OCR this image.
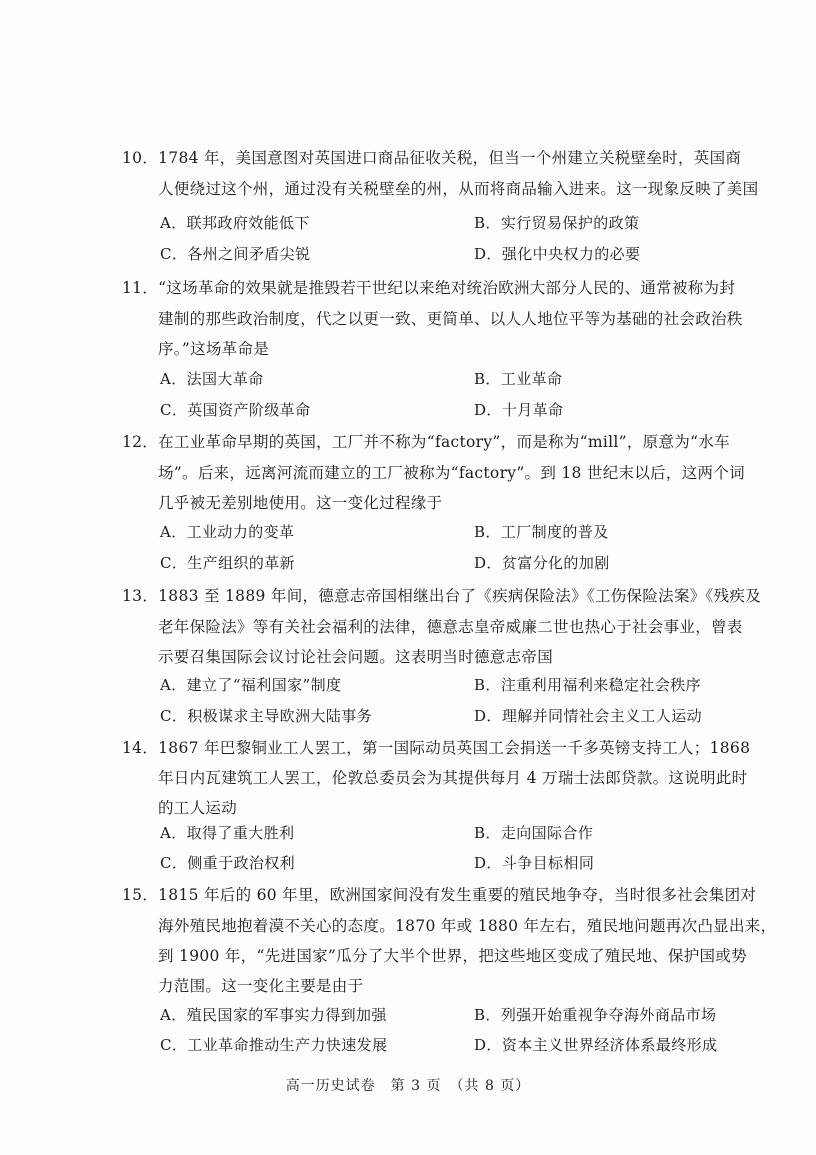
10．1784 年，美国意图对英国进口商品征收关税，但当一个州建立关税壁垒时，英国商
人便绕过这个州，通过没有关税壁垒的州，从而将商品输入进来。这一现象反映了美国
A．联邦政府效能低下	B．实行贸易保护的政策
C．各州之间矛盾尖锐	D．强化中央权力的必要
11．“这场革命的效果就是推毁若干世纪以来绝对统治欧洲大部分人民的、通常被称为封
建制的那些政治制度，代之以更一致、更简单、以人人地位平等为基础的社会政治秩
序。”这场革命是
A．法国大革命	B．工业革命
C．英国资产阶级革命	D．十月革命
12．在工业革命早期的英国，工厂并不称为“factory”，而是称为“mill”，原意为“水车
场”。后来，远离河流而建立的工厂被称为“factory”。到 18 世纪末以后，这两个词
几乎被无差别地使用。这一变化过程缘于
A．工业动力的变革	B．工厂制度的普及
C．生产组织的革新	D．贫富分化的加剧
13．1883 至 1889 年间，德意志帝国相继出台了《疾病保险法》《工伤保险法案》《残疾及
老年保险法》等有关社会福利的法律，德意志皇帝威廉二世也热心于社会事业，曾表
示要召集国际会议讨论社会问题。这表明当时德意志帝国
A．建立了“福利国家”制度	B．注重利用福利来稳定社会秩序
C．积极谋求主导欧洲大陆事务	D．理解并同情社会主义工人运动
14．1867 年巴黎铜业工人罢工，第一国际动员英国工会捐送一千多英镑支持工人；1868
年日内瓦建筑工人罢工，伦敦总委员会为其提供每月 4 万瑞士法郎贷款。这说明此时
的工人运动
A．取得了重大胜利	B．走向国际合作
C．侧重于政治权利	D．斗争目标相同
15．1815 年后的 60 年里，欧洲国家间没有发生重要的殖民地争夺，当时很多社会集团对
海外殖民地抱着漠不关心的态度。1870 年或 1880 年左右，殖民地问题再次凸显出来，
到 1900 年，“先进国家”瓜分了大半个世界，把这些地区变成了殖民地、保护国或势
力范围。这一变化主要是由于
A．殖民国家的军事实力得到加强	B．列强开始重视争夺海外商品市场
C．工业革命推动生产力快速发展	D．资本主义世界经济体系最终形成
高一历史试卷　第 3 页　（共 8 页）
